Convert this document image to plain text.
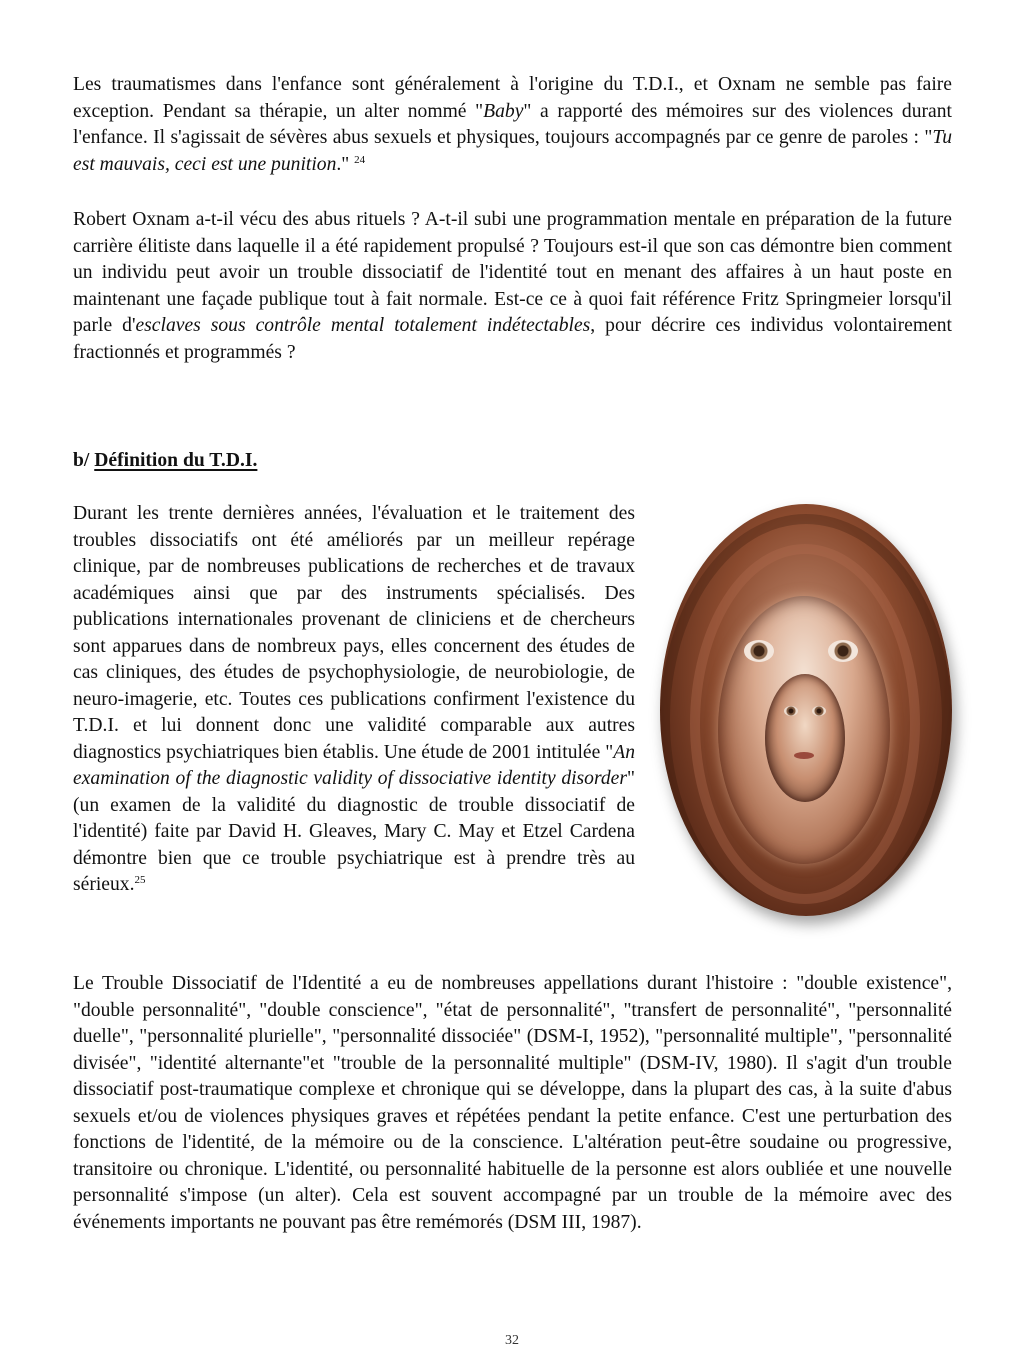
Les traumatismes dans l'enfance sont généralement à l'origine du T.D.I., et Oxnam ne semble pas faire exception. Pendant sa thérapie, un alter nommé "Baby" a rapporté des mémoires sur des violences durant l'enfance. Il s'agissait de sévères abus sexuels et physiques, toujours accompagnés par ce genre de paroles : "Tu est mauvais, ceci est une punition." $^{24}$

Robert Oxnam a-t-il vécu des abus rituels ? A-t-il subi une programmation mentale en préparation de la future carrière élitiste dans laquelle il a été rapidement propulsé ? Toujours est-il que son cas démontre bien comment un individu peut avoir un trouble dissociatif de l'identité tout en menant des affaires à un haut poste en maintenant une façade publique tout à fait normale. Est-ce ce à quoi fait référence Fritz Springmeier lorsqu'il parle d'esclaves sous contrôle mental totalement indétectables, pour décrire ces individus volontairement fractionnés et programmés ?

b/ Définition du T.D.I.

Durant les trente dernières années, l'évaluation et le traitement des troubles dissociatifs ont été améliorés par un meilleur repérage clinique, par de nombreuses publications de recherches et de travaux académiques ainsi que par des instruments spécialisés. Des publications internationales provenant de cliniciens et de chercheurs sont apparues dans de nombreux pays, elles concernent des études de cas cliniques, des études de psychophysiologie, de neurobiologie, de neuro-imagerie, etc. Toutes ces publications confirment l'existence du T.D.I. et lui donnent donc une validité comparable aux autres diagnostics psychiatriques bien établis. Une étude de 2001 intitulée "An examination of the diagnostic validity of dissociative identity disorder" (un examen de la validité du diagnostic de trouble dissociatif de l'identité) faite par David H. Gleaves, Mary C. May et Etzel Cardena démontre bien que ce trouble psychiatrique est à prendre très au sérieux.$^{25}$

Le Trouble Dissociatif de l'Identité a eu de nombreuses appellations durant l'histoire : "double existence", "double personnalité", "double conscience", "état de personnalité", "transfert de personnalité", "personnalité duelle", "personnalité plurielle", "personnalité dissociée" (DSM-I, 1952), "personnalité multiple", "personnalité divisée", "identité alternante"et "trouble de la personnalité multiple" (DSM-IV, 1980). Il s'agit d'un trouble dissociatif post-traumatique complexe et chronique qui se développe, dans la plupart des cas, à la suite d'abus sexuels et/ou de violences physiques graves et répétées pendant la petite enfance. C'est une perturbation des fonctions de l'identité, de la mémoire ou de la conscience. L'altération peut-être soudaine ou progressive, transitoire ou chronique. L'identité, ou personnalité habituelle de la personne est alors oubliée et une nouvelle personnalité s'impose (un alter). Cela est souvent accompagné par un trouble de la mémoire avec des événements importants ne pouvant pas être remémorés (DSM III, 1987).

32
